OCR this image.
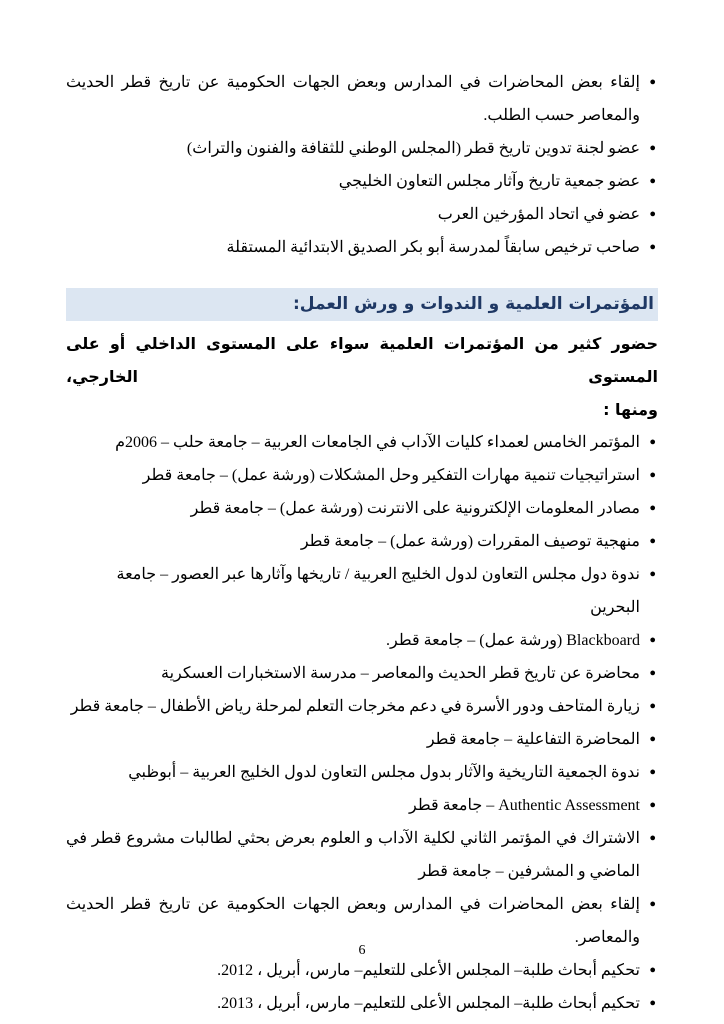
●
إلقاء بعض المحاضرات في المدارس وبعض الجهات الحكومية عن تاريخ قطر الحديث والمعاصر حسب الطلب.
●
عضو لجنة تدوين تاريخ قطر (المجلس الوطني للثقافة والفنون والتراث)
●
عضو جمعية تاريخ وآثار مجلس التعاون الخليجي
●
عضو في اتحاد المؤرخين العرب
●
صاحب ترخيص سابقاً لمدرسة أبو بكر الصديق الابتدائية المستقلة
المؤتمرات العلمية و الندوات و ورش العمل:

حضور كثير من المؤتمرات العلمية سواء على المستوى الداخلي أو على المستوى الخارجي،
ومنها :

●
المؤتمر الخامس لعمداء كليات الآداب في الجامعات العربية – جامعة حلب – 2006م
●
استراتيجيات تنمية مهارات التفكير وحل المشكلات (ورشة عمل) – جامعة قطر
●
مصادر المعلومات الإلكترونية على الانترنت (ورشة عمل) – جامعة قطر
●
منهجية توصيف المقررات (ورشة عمل) – جامعة قطر
●
ندوة دول مجلس التعاون لدول الخليج العربية / تاريخها وآثارها عبر العصور – جامعة البحرين
●
Blackboard (ورشة عمل) – جامعة قطر.
●
محاضرة عن تاريخ قطر الحديث والمعاصر – مدرسة الاستخبارات العسكرية
●
زيارة المتاحف ودور الأسرة في دعم مخرجات التعلم لمرحلة رياض الأطفال – جامعة قطر
●
المحاضرة التفاعلية – جامعة قطر
●
ندوة الجمعية التاريخية والآثار بدول مجلس التعاون لدول الخليج العربية – أبوظبي
●
Authentic Assessment – جامعة قطر
●
الاشتراك في المؤتمر الثاني لكلية الآداب و العلوم بعرض بحثي لطالبات مشروع قطر في الماضي و المشرفين – جامعة قطر
●
إلقاء بعض المحاضرات في المدارس وبعض الجهات الحكومية عن تاريخ قطر الحديث والمعاصر.
●
تحكيم أبحاث طلبة– المجلس الأعلى للتعليم– مارس، أبريل ، 2012.
●
تحكيم أبحاث طلبة– المجلس الأعلى للتعليم– مارس، أبريل ، 2013.
6
